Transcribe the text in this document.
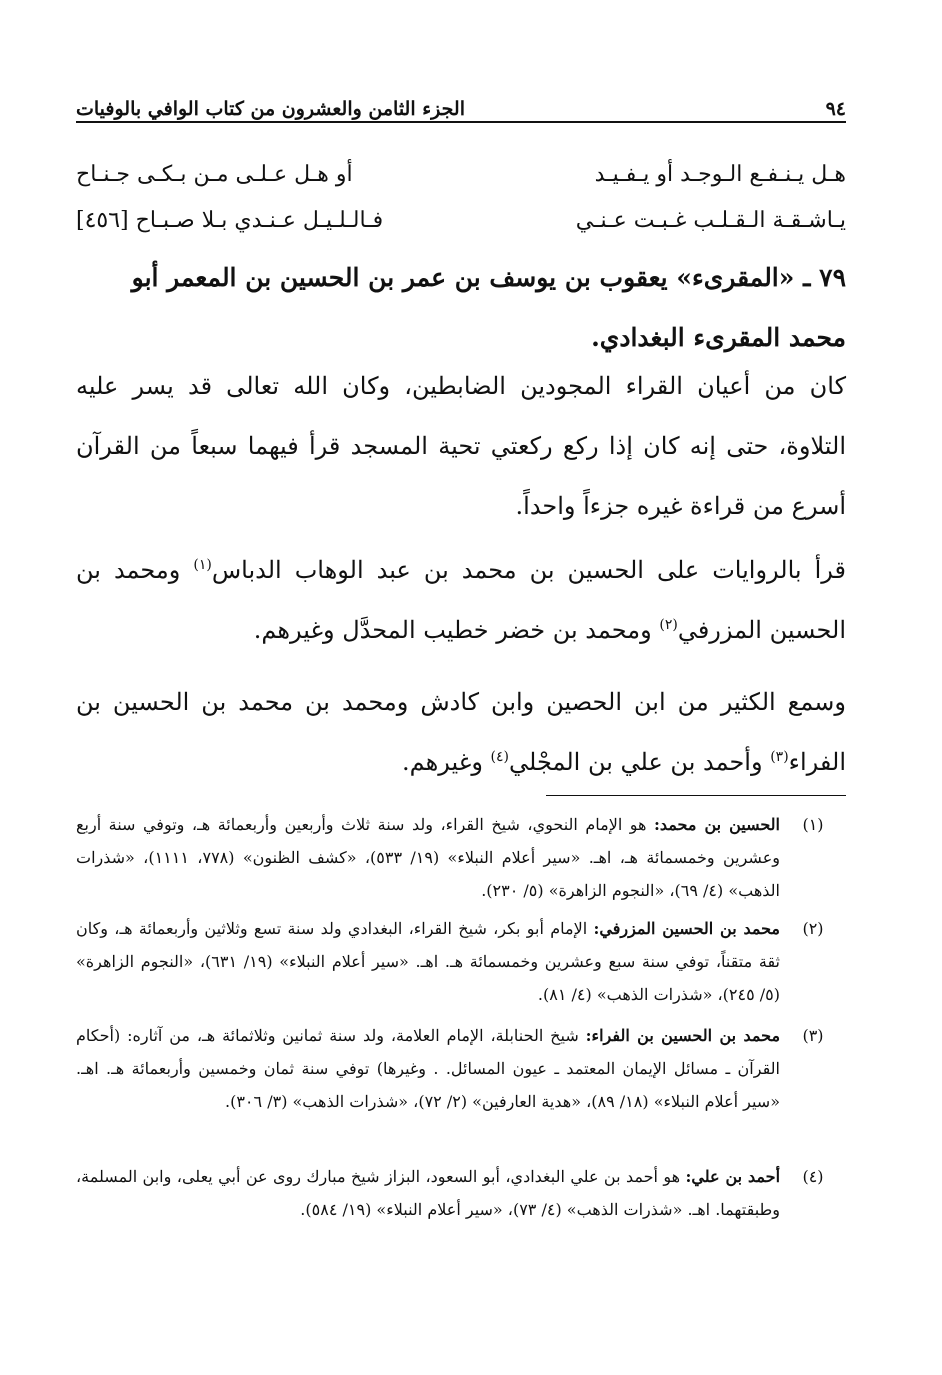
٩٤
الجزء الثامن والعشرون من كتاب الوافي بالوفيات
هـل يـنـفـع الـوجـد أو يـفـيـد
أو هـل عـلـى مـن بـكـى جـنـاح
يـاشـقـة الـقـلـب غـبـت عـنـي
فـالـلـيـل عـنـدي بـلا صـبـاح [٤٥٦]
٧٩ ـ «المقرىء» يعقوب بن يوسف بن عمر بن الحسين بن المعمر أبو محمد المقرىء البغدادي.
كان من أعيان القراء المجودين الضابطين، وكان الله تعالى قد يسر عليه التلاوة، حتى إنه كان إذا ركع ركعتي تحية المسجد قرأ فيهما سبعاً من القرآن أسرع من قراءة غيره جزءاً واحداً.
قرأ بالروايات على الحسين بن محمد بن عبد الوهاب الدباس$^{(١)}$ ومحمد بن الحسين المزرفي$^{(٢)}$ ومحمد بن خضر خطيب المحدَّل وغيرهم.
وسمع الكثير من ابن الحصين وابن كادش ومحمد بن محمد بن الحسين بن الفراء$^{(٣)}$ وأحمد بن علي بن المجْلي$^{(٤)}$ وغيرهم.
(١)
الحسين بن محمد: هو الإمام النحوي، شيخ القراء، ولد سنة ثلاث وأربعين وأربعمائة هـ، وتوفي سنة أربع وعشرين وخمسمائة هـ، اهـ. «سير أعلام النبلاء» (١٩/ ٥٣٣)، «كشف الظنون» (٧٧٨، ١١١١)، «شذرات الذهب» (٤/ ٦٩)، «النجوم الزاهرة» (٥/ ٢٣٠).
(٢)
محمد بن الحسين المزرفي: الإمام أبو بكر، شيخ القراء، البغدادي ولد سنة تسع وثلاثين وأربعمائة هـ، وكان ثقة متقناً، توفي سنة سبع وعشرين وخمسمائة هـ. اهـ. «سير أعلام النبلاء» (١٩/ ٦٣١)، «النجوم الزاهرة» (٥/ ٢٤٥)، «شذرات الذهب» (٤/ ٨١).
(٣)
محمد بن الحسين بن الفراء: شيخ الحنابلة، الإمام العلامة، ولد سنة ثمانين وثلاثمائة هـ، من آثاره: (أحكام القرآن ـ مسائل الإيمان المعتمد ـ عيون المسائل. . وغيرها) توفي سنة ثمان وخمسين وأربعمائة هـ. اهـ. «سير أعلام النبلاء» (١٨/ ٨٩)، «هدية العارفين» (٢/ ٧٢)، «شذرات الذهب» (٣/ ٣٠٦).
(٤)
أحمد بن علي: هو أحمد بن علي البغدادي، أبو السعود، البزاز شيخ مبارك روى عن أبي يعلى، وابن المسلمة، وطبقتهما. اهـ. «شذرات الذهب» (٤/ ٧٣)، «سير أعلام النبلاء» (١٩/ ٥٨٤).
